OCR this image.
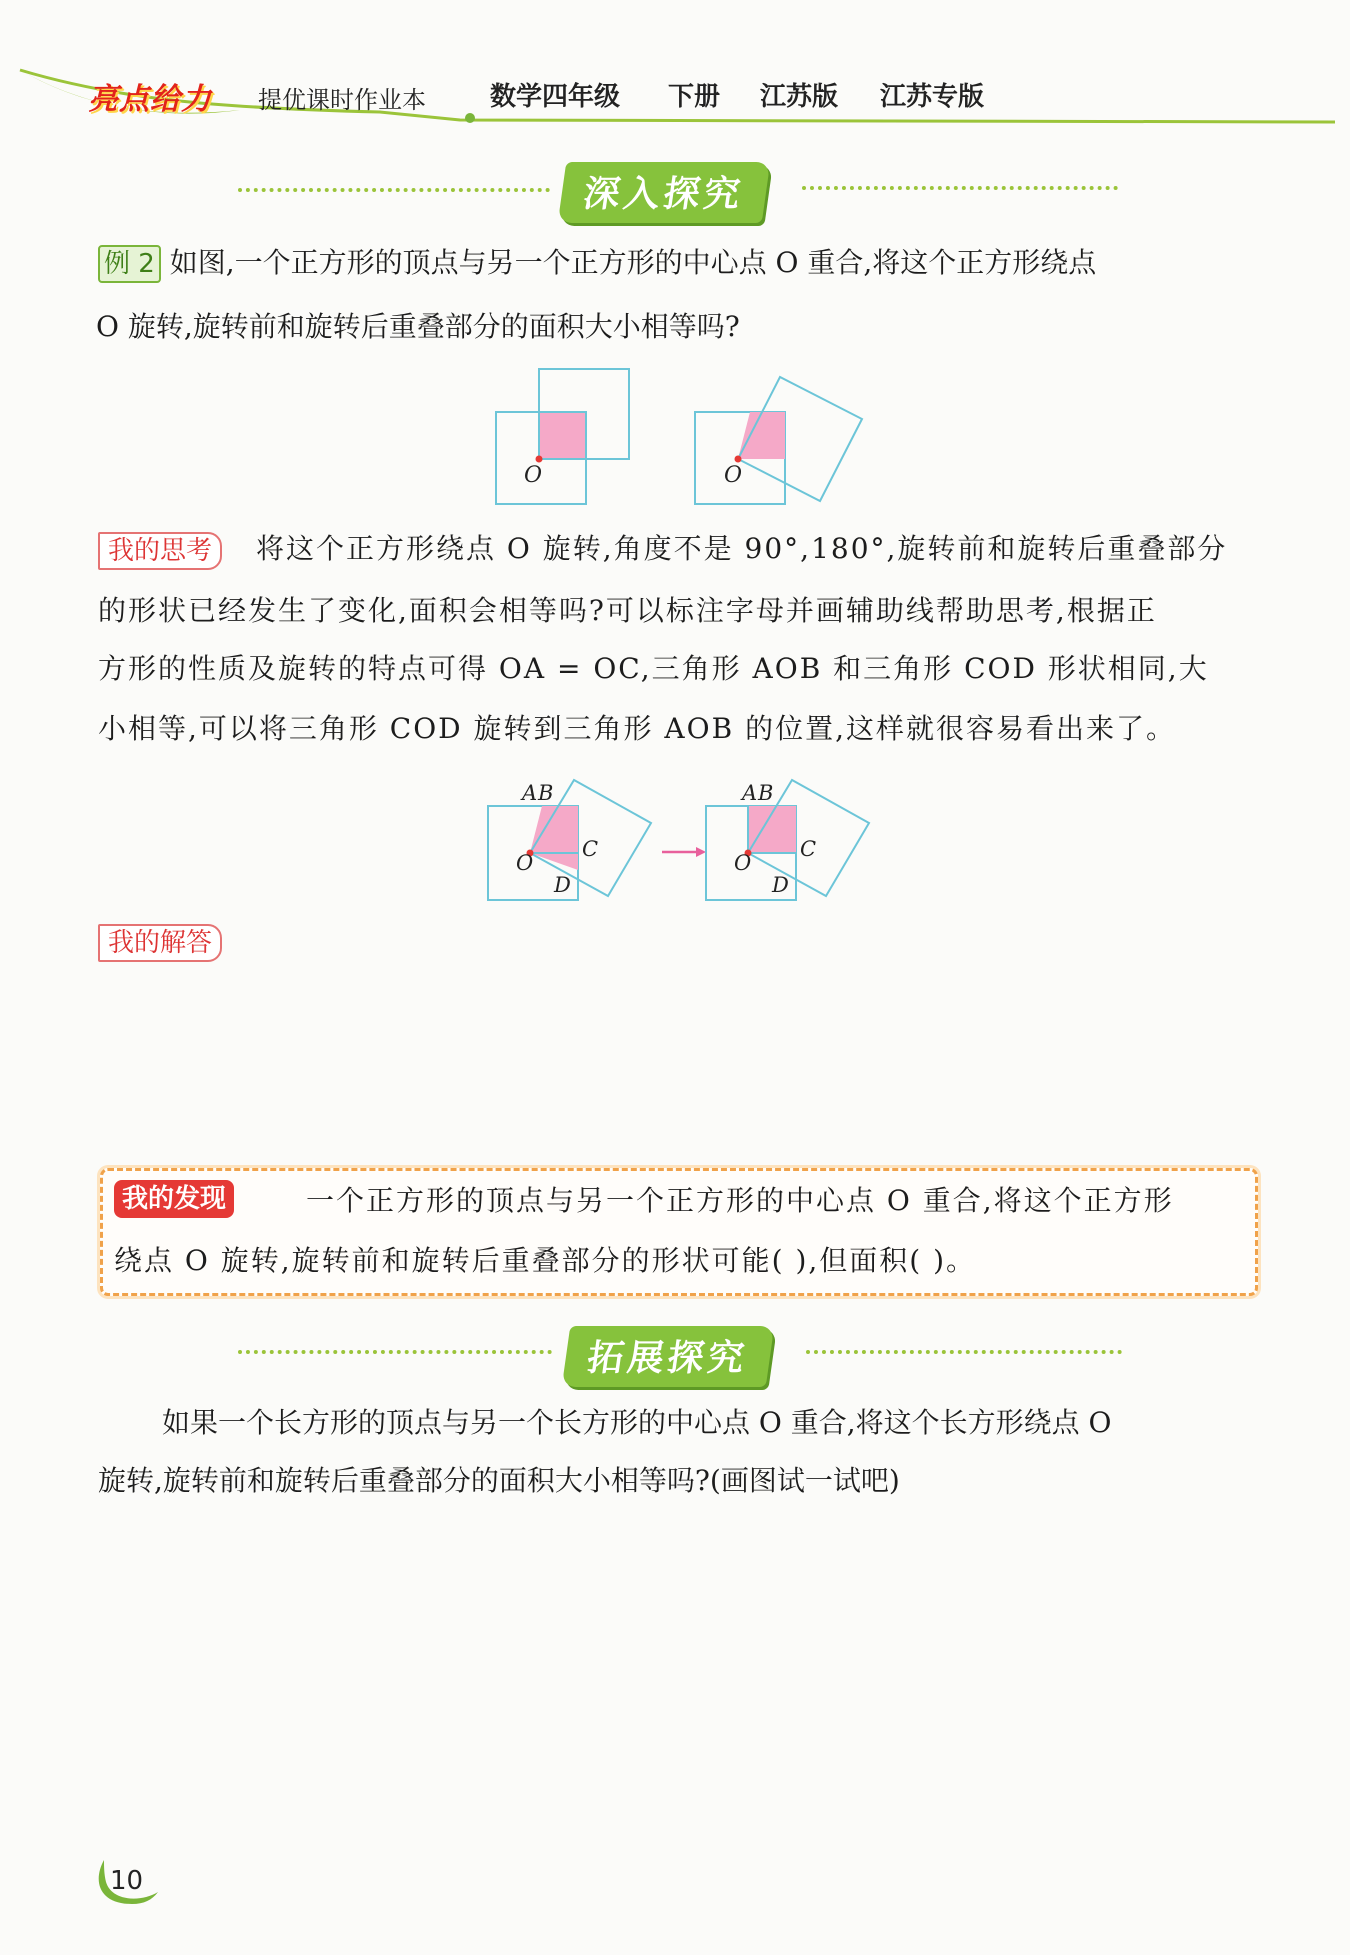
亮点给力 提优课时作业本 数学四年级 下册 江苏版 江苏专版
深入探究
例 2 如图,一个正方形的顶点与另一个正方形的中心点 O 重合,将这个正方形绕点
O 旋转,旋转前和旋转后重叠部分的面积大小相等吗?
O	O
我的思考	将这个正方形绕点 O 旋转,角度不是 90°,180°,旋转前和旋转后重叠部分
的形状已经发生了变化,面积会相等吗?可以标注字母并画辅助线帮助思考,根据正
方形的性质及旋转的特点可得 OA = OC,三角形 AOB 和三角形 COD 形状相同,大
小相等,可以将三角形 COD 旋转到三角形 AOB 的位置,这样就很容易看出来了。
A B
C
O
D
A B
C
O
D
我的解答
我的发现	一个正方形的顶点与另一个正方形的中心点 O 重合,将这个正方形
绕点 O 旋转,旋转前和旋转后重叠部分的形状可能( ),但面积( )。
拓展探究
如果一个长方形的顶点与另一个长方形的中心点 O 重合,将这个长方形绕点 O
旋转,旋转前和旋转后重叠部分的面积大小相等吗?(画图试一试吧)
10
